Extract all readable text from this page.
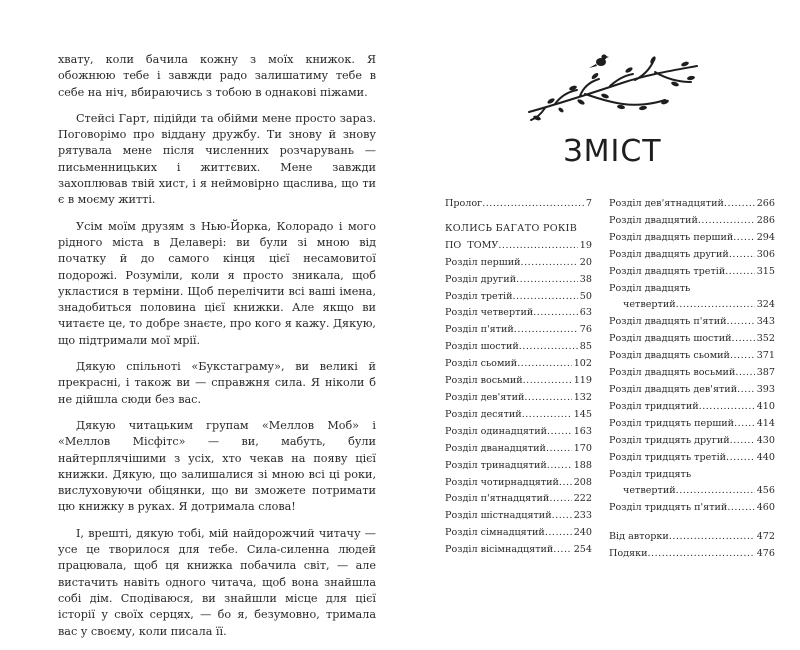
хвату, коли бачила кожну з моїх книжок. Я обожнюю тебе і завжди радо залишатиму тебе в себе на ніч, вбираючись з тобою в однакові піжами.

Стейсі Гарт, підійди та обійми мене просто зараз. Поговорімо про віддану дружбу. Ти знову й знову рятувала мене після численних розчарувань — письменницьких і життєвих. Мене завжди захоплював твій хист, і я неймовірно щаслива, що ти є в моєму житті.

Усім моїм друзям з Нью-Йорка, Колорадо і мого рідного міста в Делавері: ви були зі мною від початку й до самого кінця цієї несамовитої подорожі. Розуміли, коли я просто зникала, щоб укластися в терміни. Щоб перелічити всі ваші імена, знадобиться половина цієї книжки. Але якщо ви читаєте це, то добре знаєте, про кого я кажу. Дякую, що підтримали мої мрії.

Дякую спільноті «Букстаграму», ви великі й прекрасні, і також ви — справжня сила. Я ніколи б не дійшла сюди без вас.

Дякую читацьким групам «Меллов Моб» і «Меллов Місфітс» — ви, мабуть, були найтерплячішими з усіх, хто чекав на появу цієї книжки. Дякую, що залишалися зі мною всі ці роки, вислуховуючи обіцянки, що ви зможете потримати цю книжку в руках. Я дотримала слова!

І, врешті, дякую тобі, мій найдорожчий читачу — усе це творилося для тебе. Сила-силенна людей працювала, щоб ця книжка побачила світ, — але вистачить навіть одного читача, щоб вона знайшла собі дім. Сподіваюся, ви знайшли місце для цієї історії у своїх серцях, — бо я, безумовно, тримала вас у своєму, коли писала її.

ЗМІСТ
Пролог .....	7
КОЛИСЬ БАГАТО РОКІВ
ПО  ТОМУ .....	19
Розділ перший .....	20
Розділ другий .....	38
Розділ третій .....	50
Розділ четвертий .....	63
Розділ п'ятий .....	76
Розділ шостий .....	85
Розділ сьомий .....	102
Розділ восьмий .....	119
Розділ дев'ятий .....	132
Розділ десятий .....	145
Розділ одинадцятий .....	163
Розділ дванадцятий .....	170
Розділ тринадцятий .....	188
Розділ чотирнадцятий ..... 208
Розділ п'ятнадцятий .....	222
Розділ шістнадцятий ..... 233
Розділ сімнадцятий .....	240
Розділ вісімнадцятий ..... 254
Розділ дев'ятнадцятий .....	266
Розділ двадцятий .....	286
Розділ двадцять перший ..... 294
Розділ двадцять другий .....	306
Розділ двадцять третій .....	315
Розділ двадцять
четвертий .....	324
Розділ двадцять п'ятий .....	343
Розділ двадцять шостий .....	352
Розділ двадцять сьомий .....	371
Розділ двадцять восьмий ..... 387
Розділ двадцять дев'ятий ..... 393
Розділ тридцятий .....	410
Розділ тридцять перший ..... 414
Розділ тридцять другий .....	430
Розділ тридцять третій .....	440
Розділ тридцять
четвертий .....	456
Розділ тридцять п'ятий .....	460
Від авторки .....	472
Подяки .....	476
